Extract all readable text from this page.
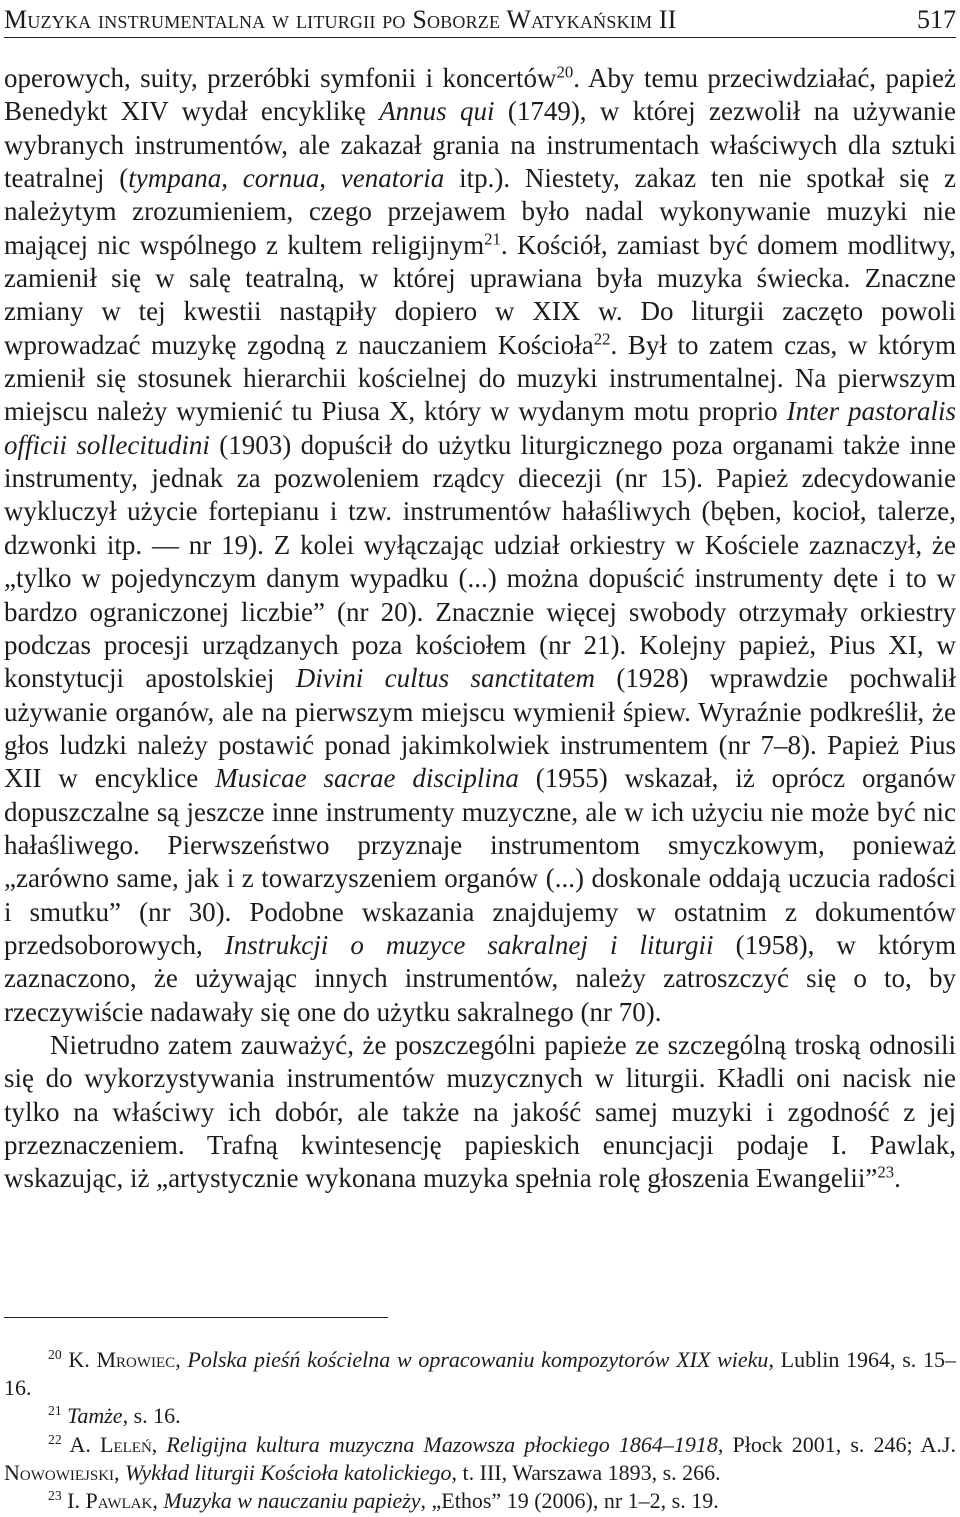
Muzyka instrumentalna w liturgii po Soborze Watykańskim II	517

operowych, suity, przeróbki symfonii i koncertów$^{20}$. Aby temu przeciwdziałać, papież Benedykt XIV wydał encyklikę Annus qui (1749), w której zezwolił na używanie wybranych instrumentów, ale zakazał grania na instrumentach właściwych dla sztuki teatralnej (tympana, cornua, venatoria itp.). Niestety, zakaz ten nie spotkał się z należytym zrozumieniem, czego przejawem było nadal wykonywanie muzyki nie mającej nic wspólnego z kultem religijnym$^{21}$. Kościół, zamiast być domem modlitwy, zamienił się w salę teatralną, w której uprawiana była muzyka świecka. Znaczne zmiany w tej kwestii nastąpiły dopiero w XIX w. Do liturgii zaczęto powoli wprowadzać muzykę zgodną z nauczaniem Kościoła$^{22}$. Był to zatem czas, w którym zmienił się stosunek hierarchii kościelnej do muzyki instrumentalnej. Na pierwszym miejscu należy wymienić tu Piusa X, który w wydanym motu proprio Inter pastoralis officii sollecitudini (1903) dopuścił do użytku liturgicznego poza organami także inne instrumenty, jednak za pozwoleniem rządcy diecezji (nr 15). Papież zdecydowanie wykluczył użycie fortepianu i tzw. instrumentów hałaśliwych (bęben, kocioł, talerze, dzwonki itp. — nr 19). Z kolei wyłączając udział orkiestry w Kościele zaznaczył, że „tylko w pojedynczym danym wypadku (...) można dopuścić instrumenty dęte i to w bardzo ograniczonej liczbie” (nr 20). Znacznie więcej swobody otrzymały orkiestry podczas procesji urządzanych poza kościołem (nr 21). Kolejny papież, Pius XI, w konstytucji apostolskiej Divini cultus sanctitatem (1928) wprawdzie pochwalił używanie organów, ale na pierwszym miejscu wymienił śpiew. Wyraźnie podkreślił, że głos ludzki należy postawić ponad jakimkolwiek instrumentem (nr 7–8). Papież Pius XII w encyklice Musicae sacrae disciplina (1955) wskazał, iż oprócz organów dopuszczalne są jeszcze inne instrumenty muzyczne, ale w ich użyciu nie może być nic hałaśliwego. Pierwszeństwo przyznaje instrumentom smyczkowym, ponieważ „zarówno same, jak i z towarzyszeniem organów (...) doskonale oddają uczucia radości i smutku” (nr 30). Podobne wskazania znajdujemy w ostatnim z dokumentów przedsoborowych, Instrukcji o muzyce sakralnej i liturgii (1958), w którym zaznaczono, że używając innych instrumentów, należy zatroszczyć się o to, by rzeczywiście nadawały się one do użytku sakralnego (nr 70).

Nietrudno zatem zauważyć, że poszczególni papieże ze szczególną troską odnosili się do wykorzystywania instrumentów muzycznych w liturgii. Kładli oni nacisk nie tylko na właściwy ich dobór, ale także na jakość samej muzyki i zgodność z jej przeznaczeniem. Trafną kwintesencję papieskich enuncjacji podaje I. Pawlak, wskazując, iż „artystycznie wykonana muzyka spełnia rolę głoszenia Ewangelii”$^{23}$.

$^{20}$ K. Mrowiec, Polska pieśń kościelna w opracowaniu kompozytorów XIX wieku, Lublin 1964, s. 15–16.

$^{21}$ Tamże, s. 16.

$^{22}$ A. Leleń, Religijna kultura muzyczna Mazowsza płockiego 1864–1918, Płock 2001, s. 246; A.J. Nowowiejski, Wykład liturgii Kościoła katolickiego, t. III, Warszawa 1893, s. 266.

$^{23}$ I. Pawlak, Muzyka w nauczaniu papieży, „Ethos” 19 (2006), nr 1–2, s. 19.
